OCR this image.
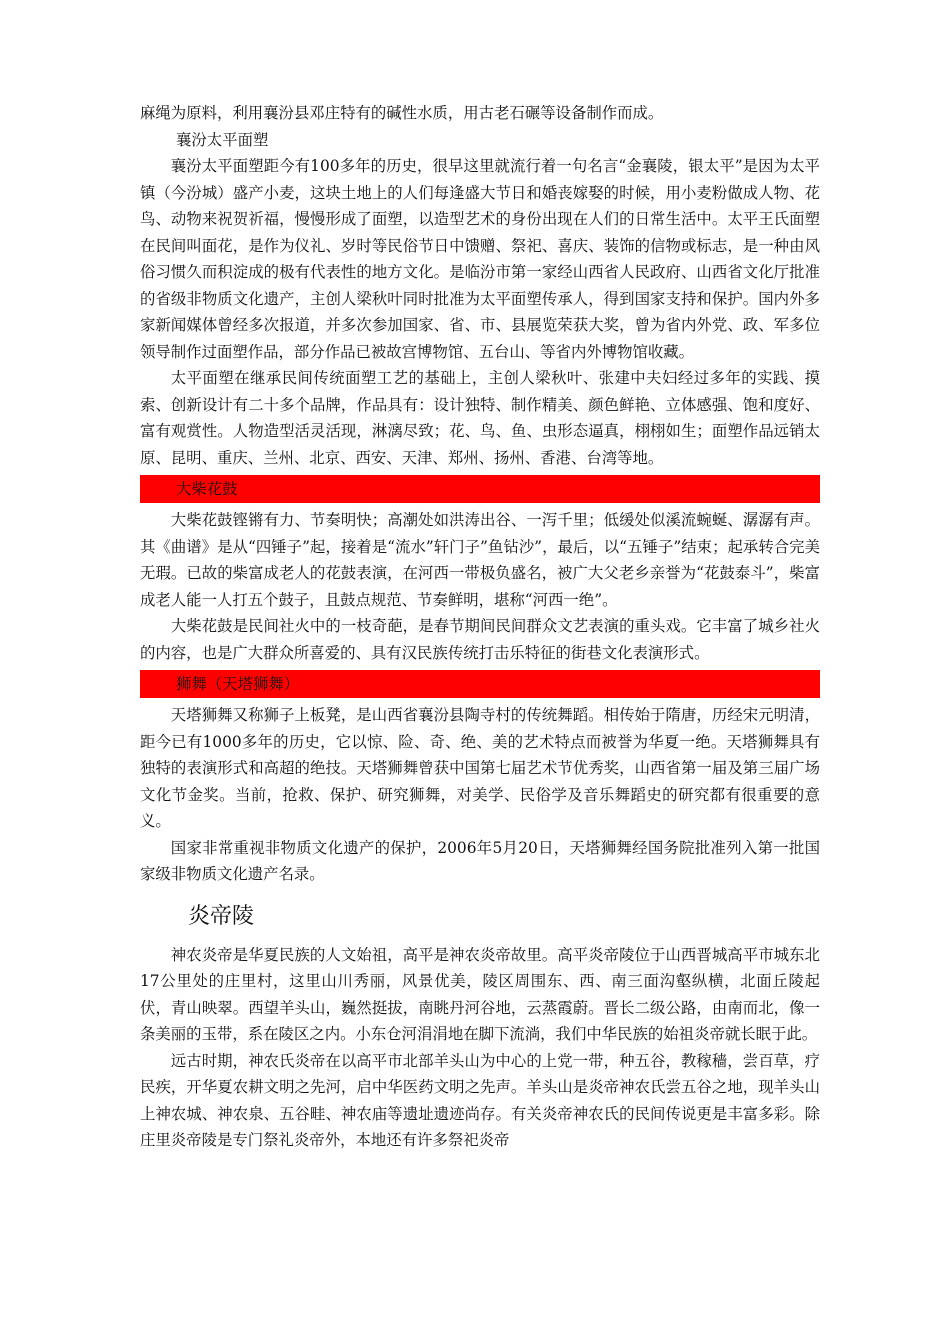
麻绳为原料，利用襄汾县邓庄特有的碱性水质，用古老石碾等设备制作而成。

襄汾太平面塑

襄汾太平面塑距今有100多年的历史，很早这里就流行着一句名言“金襄陵，银太平”是因为太平镇（今汾城）盛产小麦，这块土地上的人们每逢盛大节日和婚丧嫁娶的时候，用小麦粉做成人物、花鸟、动物来祝贺祈福，慢慢形成了面塑，以造型艺术的身份出现在人们的日常生活中。太平王氏面塑在民间叫面花，是作为仪礼、岁时等民俗节日中馈赠、祭祀、喜庆、装饰的信物或标志，是一种由风俗习惯久而积淀成的极有代表性的地方文化。是临汾市第一家经山西省人民政府、山西省文化厅批准的省级非物质文化遗产，主创人梁秋叶同时批准为太平面塑传承人，得到国家支持和保护。国内外多家新闻媒体曾经多次报道，并多次参加国家、省、市、县展览荣获大奖，曾为省内外党、政、军多位领导制作过面塑作品，部分作品已被故宫博物馆、五台山、等省内外博物馆收藏。

太平面塑在继承民间传统面塑工艺的基础上，主创人梁秋叶、张建中夫妇经过多年的实践、摸索、创新设计有二十多个品牌，作品具有：设计独特、制作精美、颜色鲜艳、立体感强、饱和度好、富有观赏性。人物造型活灵活现，淋漓尽致；花、鸟、鱼、虫形态逼真，栩栩如生；面塑作品远销太原、昆明、重庆、兰州、北京、西安、天津、郑州、扬州、香港、台湾等地。

大柴花鼓

大柴花鼓铿锵有力、节奏明快；高潮处如洪涛出谷、一泻千里；低缓处似溪流蜿蜒、潺潺有声。其《曲谱》是从“四锤子”起，接着是“流水”轩门子”鱼钻沙”，最后，以“五锤子”结束；起承转合完美无瑕。已故的柴富成老人的花鼓表演，在河西一带极负盛名，被广大父老乡亲誉为“花鼓泰斗”，柴富成老人能一人打五个鼓子，且鼓点规范、节奏鲜明，堪称“河西一绝”。

大柴花鼓是民间社火中的一枝奇葩，是春节期间民间群众文艺表演的重头戏。它丰富了城乡社火的内容，也是广大群众所喜爱的、具有汉民族传统打击乐特征的街巷文化表演形式。

狮舞（天塔狮舞）

天塔狮舞又称狮子上板凳，是山西省襄汾县陶寺村的传统舞蹈。相传始于隋唐，历经宋元明清，距今已有1000多年的历史，它以惊、险、奇、绝、美的艺术特点而被誉为华夏一绝。天塔狮舞具有独特的表演形式和高超的绝技。天塔狮舞曾获中国第七届艺术节优秀奖，山西省第一届及第三届广场文化节金奖。当前，抢救、保护、研究狮舞，对美学、民俗学及音乐舞蹈史的研究都有很重要的意义。

国家非常重视非物质文化遗产的保护，2006年5月20日，天塔狮舞经国务院批准列入第一批国家级非物质文化遗产名录。

炎帝陵

神农炎帝是华夏民族的人文始祖，高平是神农炎帝故里。高平炎帝陵位于山西晋城高平市城东北17公里处的庄里村，这里山川秀丽，风景优美，陵区周围东、西、南三面沟壑纵横，北面丘陵起伏，青山映翠。西望羊头山，巍然挺拔，南眺丹河谷地，云蒸霞蔚。晋长二级公路，由南而北，像一条美丽的玉带，系在陵区之内。小东仓河涓涓地在脚下流淌，我们中华民族的始祖炎帝就长眠于此。

远古时期，神农氏炎帝在以高平市北部羊头山为中心的上党一带，种五谷，教稼穑，尝百草，疗民疾，开华夏农耕文明之先河，启中华医药文明之先声。羊头山是炎帝神农氏尝五谷之地，现羊头山上神农城、神农泉、五谷畦、神农庙等遗址遗迹尚存。有关炎帝神农氏的民间传说更是丰富多彩。除庄里炎帝陵是专门祭礼炎帝外，本地还有许多祭祀炎帝
